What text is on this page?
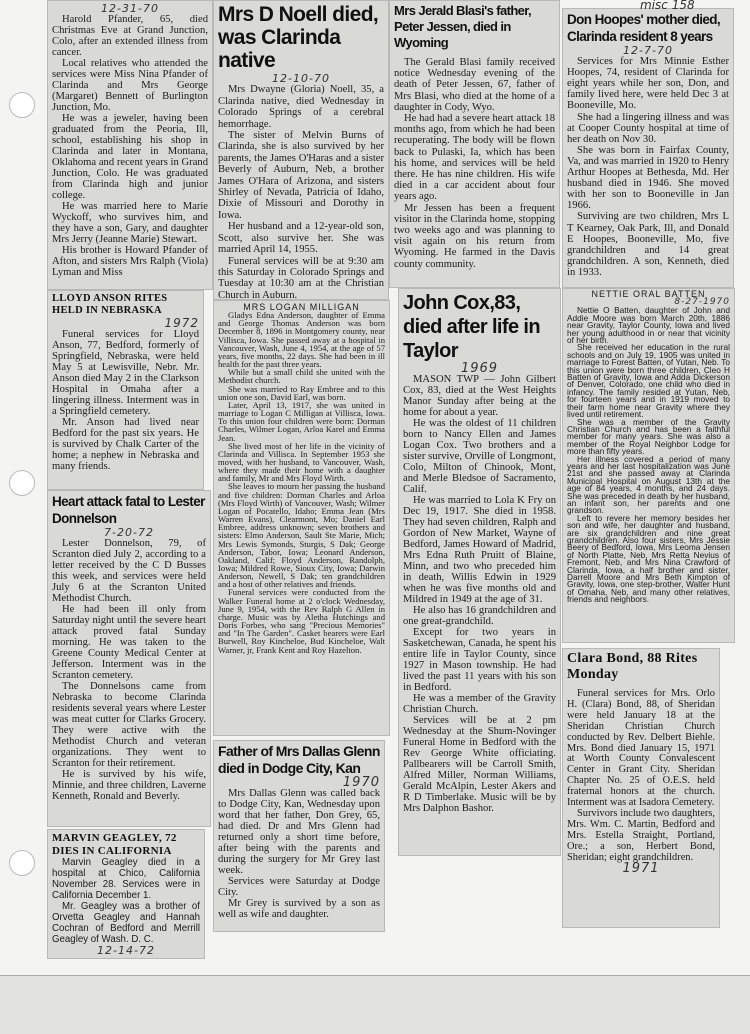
12-31-70

Harold Pfander, 65, died Christmas Eve at Grand Junction, Colo, after an extended illness from cancer.

Local relatives who attended the services were Miss Nina Pfander of Clarinda and Mrs George (Margaret) Bennett of Burlington Junction, Mo.

He was a jeweler, having been graduated from the Peoria, Ill, school, establishing his shop in Clarinda and later in Montana, Oklahoma and recent years in Grand Junction, Colo. He was graduated from Clarinda high and junior college.

He was married here to Marie Wyckoff, who survives him, and they have a son, Gary, and daughter Mrs Jerry (Jeanne Marie) Stewart.

His brother is Howard Pfander of Afton, and sisters Mrs Ralph (Viola) Lyman and Miss

Mrs D Noell died, was Clarinda native
12-10-70

Mrs Dwayne (Gloria) Noell, 35, a Clarinda native, died Wednesday in Colorado Springs of a cerebral hemorrhage.

The sister of Melvin Burns of Clarinda, she is also survived by her parents, the James O'Haras and a sister Beverly of Auburn, Neb, a brother James O'Hara of Arizona, and sisters Shirley of Nevada, Patricia of Idaho, Dixie of Missouri and Dorothy in Iowa.

Her husband and a 12-year-old son, Scott, also survive her. She was married April 14, 1955.

Funeral services will be at 9:30 am this Saturday in Colorado Springs and Tuesday at 10:30 am at the Christian Church in Auburn.

MRS LOGAN MILLIGAN

Gladys Edna Anderson, daughter of Emma and George Thomas Anderson was born December 8, 1896 in Montgomery county, near Villisca, Iowa. She passed away at a hospital in Vancouver, Wash, June 4, 1954, at the age of 57 years, five months, 22 days. She had been in ill health for the past three years.

While but a small child she united with the Methodist church.

She was married to Ray Embree and to this union one son, David Earl, was born.

Later, April 13, 1917, she was united in marriage to Logan C Milligan at Villisca, Iowa. To this union four children were born: Dorman Charles, Wilmer Logan, Arloa Karel and Emma Jean.

She lived most of her life in the vicinity of Clarinda and Villisca. In September 1953 she moved, with her husband, to Vancouver, Wash, where they made their home with a daughter and family, Mr and Mrs Floyd Wirth.

She leaves to mourn her passing the husband and five children: Dorman Charles and Arloa (Mrs Floyd Wirth) of Vancouver, Wash; Wilmer Logan of Pocatello, Idaho; Emma Jean (Mrs Warren Evans), Clearmont, Mo; Daniel Earl Embree, address unknown; seven brothers and sisters: Elmo Anderson, Sault Ste Marie, Mich; Mrs Lewis Symonds, Sturgis, S Dak; George Anderson, Tabor, Iowa; Leonard Anderson, Oakland, Calif; Floyd Anderson, Randolph, Iowa; Mildred Rowe, Sioux City, Iowa; Darwin Anderson, Newell, S Dak; ten grandchildren and a host of other relatives and friends.

Funeral services were conducted from the Walker Funeral home at 2 o'clock Wednesday, June 9, 1954, with the Rev Ralph G Allen in charge. Music was by Aletha Hutchings and Doris Forbes, who sang "Precious Memories" and "In The Garden". Casket bearers were Earl Burwell, Roy Kincheloe, Bud Kincheloe, Walt Warner, jr, Frank Kent and Roy Hazelton.

Father of Mrs Dallas Glenn died in Dodge City, Kan
1970

Mrs Dallas Glenn was called back to Dodge City, Kan, Wednesday upon word that her father, Don Grey, 65, had died. Dr and Mrs Glenn had returned only a short time before, after being with the parents and during the surgery for Mr Grey last week.

Services were Saturday at Dodge City.

Mr Grey is survived by a son as well as wife and daughter.

Mrs Jerald Blasi's father, Peter Jessen, died in Wyoming

The Gerald Blasi family received notice Wednesday evening of the death of Peter Jessen, 67, father of Mrs Blasi, who died at the home of a daughter in Cody, Wyo.

He had had a severe heart attack 18 months ago, from which he had been recuperating. The body will be flown back to Pulaski, Ia, which has been his home, and services will be held there. He has nine children. His wife died in a car accident about four years ago.

Mr Jessen has been a frequent visitor in the Clarinda home, stopping two weeks ago and was planning to visit again on his return from Wyoming. He farmed in the Davis county community.

John Cox,83, died after life in Taylor
1969

MASON TWP — John Gilbert Cox, 83, died at the West Heights Manor Sunday after being at the home for about a year.

He was the oldest of 11 children born to Nancy Ellen and James Logan Cox. Two brothers and a sister survive, Orville of Longmont, Colo, Milton of Chinook, Mont, and Merle Bledsoe of Sacramento, Calif.

He was married to Lola K Fry on Dec 19, 1917. She died in 1958. They had seven children, Ralph and Gordon of New Market, Wayne of Bedford, James Howard of Madrid, Mrs Edna Ruth Pruitt of Blaine, Minn, and two who preceded him in death, Willis Edwin in 1929 when he was five months old and Mildred in 1949 at the age of 31.

He also has 16 grandchildren and one great-grandchild.

Except for two years in Sasketchewan, Canada, he spent his entire life in Taylor County, since 1927 in Mason township. He had lived the past 11 years with his son in Bedford.

He was a member of the Gravity Christian Church.

Services will be at 2 pm Wednesday at the Shum-Novinger Funeral Home in Bedford with the Rev George White officiating. Pallbearers will be Carroll Smith, Alfred Miller, Norman Williams, Gerald McAlpin, Lester Akers and R D Timberlake. Music will be by Mrs Dalphon Bashor.

Don Hoopes' mother died, Clarinda resident 8 years
12-7-70

Services for Mrs Minnie Esther Hoopes, 74, resident of Clarinda for eight years while her son, Don, and family lived here, were held Dec 3 at Booneville, Mo.

She had a lingering illness and was at Cooper County hospital at time of her death on Nov 30.

She was born in Fairfax County, Va, and was married in 1920 to Henry Arthur Hoopes at Bethesda, Md. Her husband died in 1946. She moved with her son to Booneville in Jan 1966.

Surviving are two children, Mrs L T Kearney, Oak Park, Ill, and Donald E Hoopes, Booneville, Mo, five grandchildren and 14 great grandchildren. A son, Kenneth, died in 1933.

NETTIE ORAL BATTEN
8-27-1970

Nettie O Batten, daughter of John and Addie Moore was born March 20th, 1886 near Gravity, Taylor County, Iowa and lived her young adulthood in or near that vicinity of her birth.

She received her education in the rural schools and on July 19, 1905 was united in marriage to Forest Batten, of Yutan, Neb. To this union were born three children, Cleo H Batten of Gravity, Iowa and Adda Dickerson of Denver, Colorado, one child who died in infancy. The family resided at Yutan, Neb, for fourteen years and in 1919 moved to their farm home near Gravity where they lived until retirement.

She was a member of the Gravity Christian Church and has been a faithful member for many years. She was also a member of the Royal Neighbor Lodge for more than fifty years.

Her illness covered a period of many years and her last hospitalization was June 21st and she passed away at Clarinda Municipal Hospital on August 13th at the age of 84 years, 4 months, and 24 days. She was preceded in death by her husband, an infant son, her parents and one grandson.

Left to revere her memory besides her son and wife, her daughter and husband, are six grandchildren and nine great grandchildren. Also four sisters, Mrs Jessie Beery of Bedford, Iowa, Mrs Leoma Jensen of North Platte, Neb, Mrs Retta Nevius of Fremont, Neb, and Mrs Nina Crawford of Clarinda, Iowa, a half brother and sister, Darrell Moore and Mrs Beth Kimpton of Gravity, Iowa, one step-brother, Walter Hunt of Omaha, Neb, and many other relatives, friends and neighbors.

Clara Bond, 88 Rites Monday

Funeral services for Mrs. Orlo H. (Clara) Bond, 88, of Sheridan were held January 18 at the Sheridan Christian Church conducted by Rev. Delbert Biehle. Mrs. Bond died January 15, 1971 at Worth County Convalescent Center in Grant City. Sheridan Chapter No. 25 of O.E.S. held fraternal honors at the church. Interment was at Isadora Cemetery.

Survivors include two daughters, Mrs. Wm. C. Martin, Bedford and Mrs. Estella Straight, Portland, Ore.; a son, Herbert Bond, Sheridan; eight grandchildren.

1971
LLOYD ANSON RITES HELD IN NEBRASKA
1972

Funeral services for Lloyd Anson, 77, Bedford, formerly of Springfield, Nebraska, were held May 5 at Lewisville, Nebr. Mr. Anson died May 2 in the Clarkson Hospital in Omaha after a lingering illness. Interment was in a Springfield cemetery.

Mr. Anson had lived near Bedford for the past six years. He is survived by Chalk Carter of the home; a nephew in Nebraska and many friends.

Heart attack fatal to Lester Donnelson
7-20-72

Lester Donnelson, 79, of Scranton died July 2, according to a letter received by the C D Busses this week, and services were held July 6 at the Scranton United Methodist Church.

He had been ill only from Saturday night until the severe heart attack proved fatal Sunday morning. He was taken to the Greene County Medical Center at Jefferson. Interment was in the Scranton cemetery.

The Donnelsons came from Nebraska to become Clarinda residents several years where Lester was meat cutter for Clarks Grocery. They were active with the Methodist Church and veteran organizations. They went to Scranton for their retirement.

He is survived by his wife, Minnie, and three children, Laverne Kenneth, Ronald and Beverly.

MARVIN GEAGLEY, 72 DIES IN CALIFORNIA

Marvin Geagley died in a hospital at Chico, California November 28. Services were in California December 1.

Mr. Geagley was a brother of Orvetta Geagley and Hannah Cochran of Bedford and Merrill Geagley of Wash. D. C.

12-14-72
misc 158
